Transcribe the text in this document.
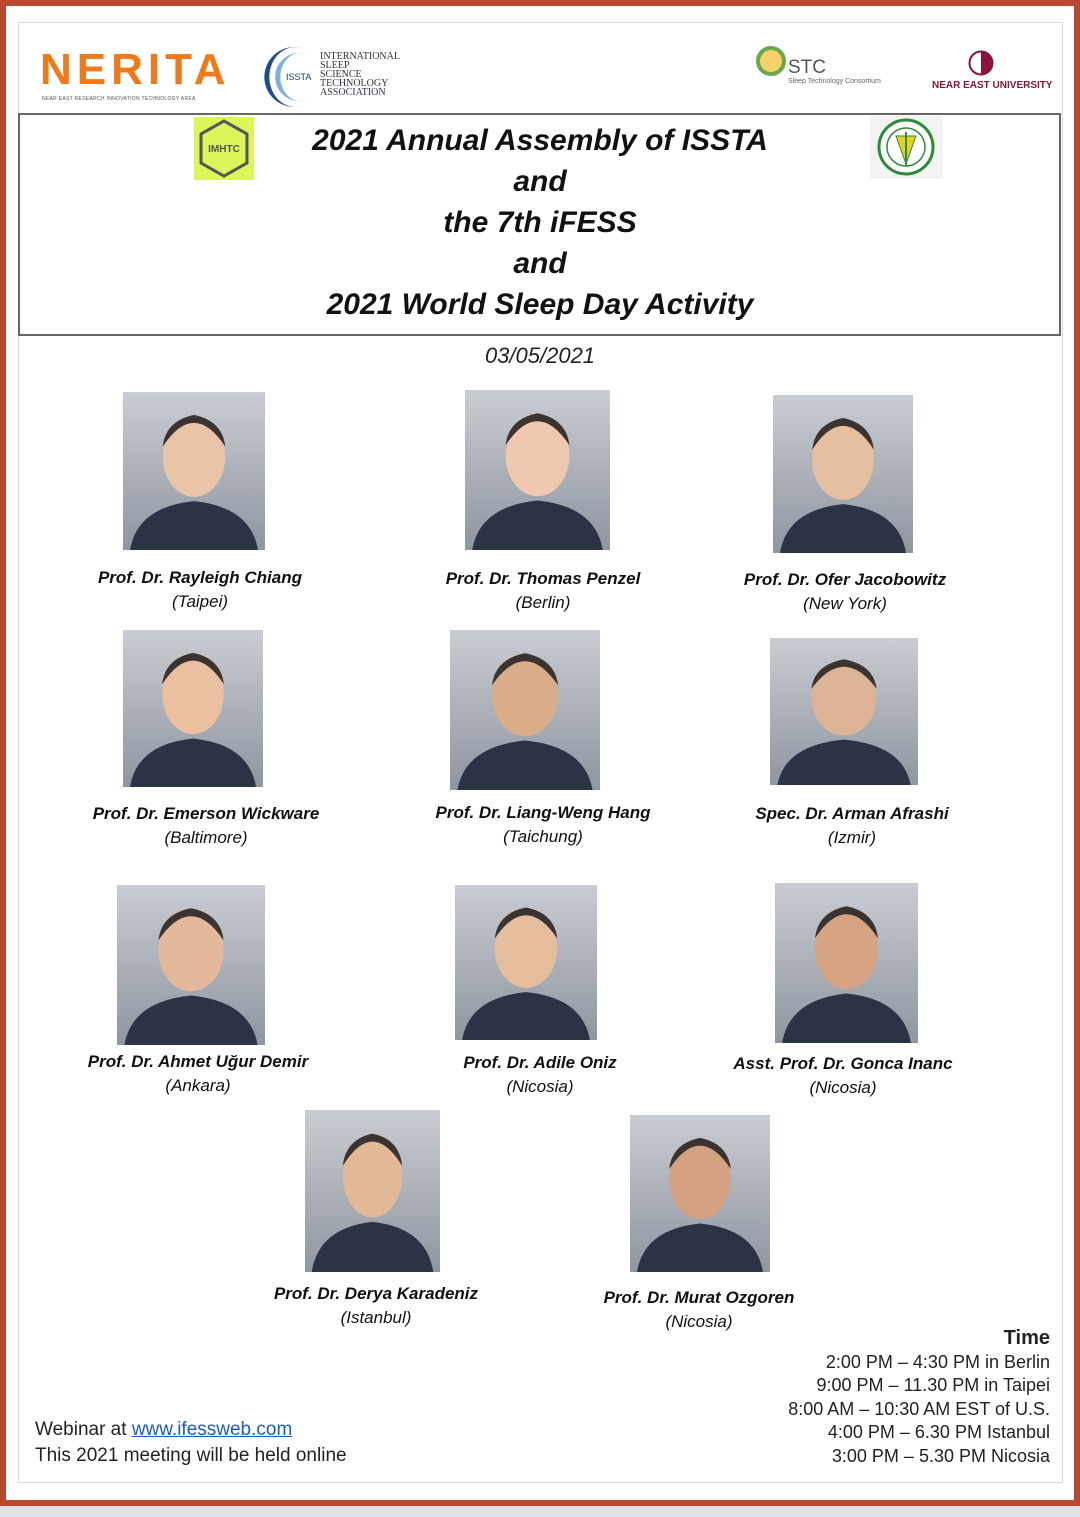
NERITA
NEAR EAST RESEARCH INNOVATION TECHNOLOGY AREA
ISSTA
INTERNATIONAL
SLEEP
SCIENCE
TECHNOLOGY
ASSOCIATION
STC
Sleep Technology Consortium	NEAR EAST UNIVERSITY
IMHTC	2021 Annual Assembly of ISSTA
and
the 7th iFESS
and
2021 World Sleep Day Activity
03/05/2021
Prof. Dr. Rayleigh Chiang
(Taipei)
Prof. Dr. Thomas Penzel
(Berlin)
Prof. Dr. Ofer Jacobowitz
(New York)
Prof. Dr. Emerson Wickware
(Baltimore)
Prof. Dr. Liang-Weng Hang
(Taichung)
Spec. Dr. Arman Afrashi
(Izmir)
Prof. Dr. Ahmet Uğur Demir
(Ankara)
Prof. Dr. Adile Oniz
(Nicosia)
Asst. Prof. Dr. Gonca Inanc
(Nicosia)
Prof. Dr. Derya Karadeniz
(Istanbul)
Prof. Dr. Murat Ozgoren
(Nicosia)
Time
2:00 PM – 4:30 PM in Berlin
9:00 PM – 11.30 PM in Taipei
8:00 AM – 10:30 AM EST of U.S.
4:00 PM – 6.30 PM Istanbul
3:00 PM – 5.30 PM Nicosia
Webinar at www.ifessweb.com
This 2021 meeting will be held online
